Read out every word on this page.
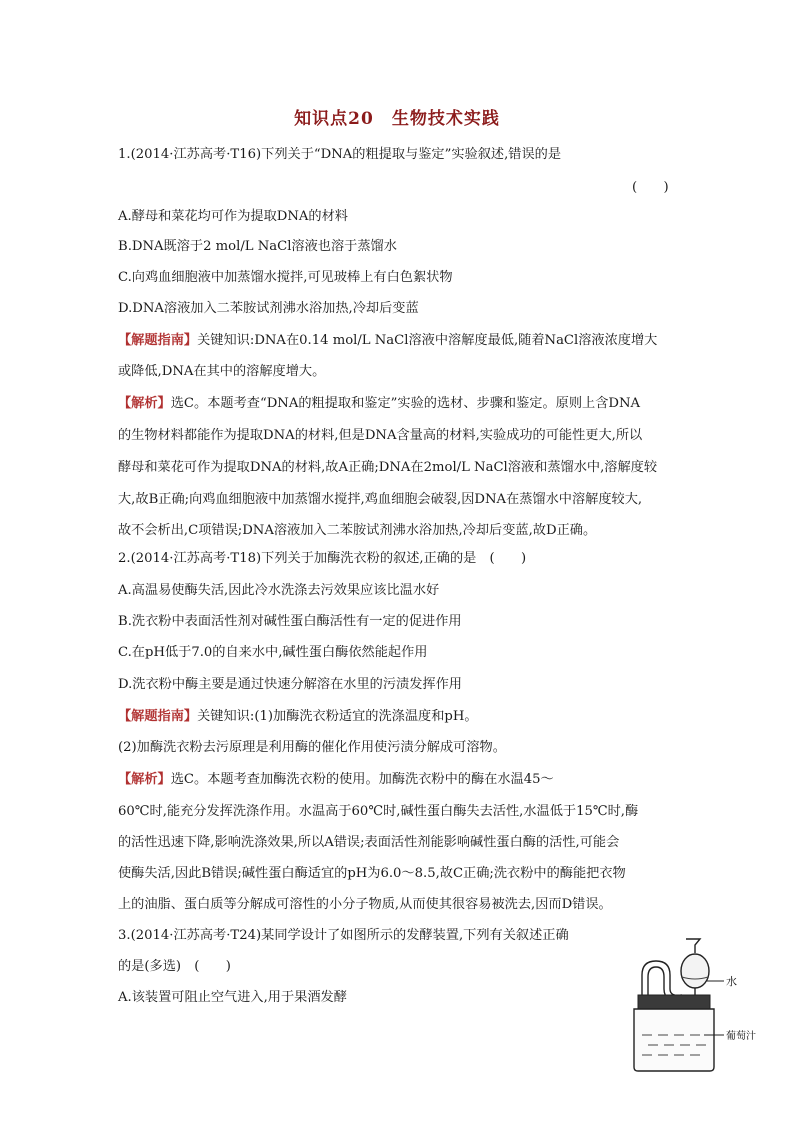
知识点20　生物技术实践
1.(2014·江苏高考·T16)下列关于“DNA的粗提取与鉴定”实验叙述,错误的是
(　　)
A.酵母和菜花均可作为提取DNA的材料
B.DNA既溶于2 mol/L NaCl溶液也溶于蒸馏水
C.向鸡血细胞液中加蒸馏水搅拌,可见玻棒上有白色絮状物
D.DNA溶液加入二苯胺试剂沸水浴加热,冷却后变蓝
【解题指南】关键知识:DNA在0.14 mol/L NaCl溶液中溶解度最低,随着NaCl溶液浓度增大
或降低,DNA在其中的溶解度增大。
【解析】选C。本题考查“DNA的粗提取和鉴定”实验的选材、步骤和鉴定。原则上含DNA
的生物材料都能作为提取DNA的材料,但是DNA含量高的材料,实验成功的可能性更大,所以
酵母和菜花可作为提取DNA的材料,故A正确;DNA在2mol/L NaCl溶液和蒸馏水中,溶解度较
大,故B正确;向鸡血细胞液中加蒸馏水搅拌,鸡血细胞会破裂,因DNA在蒸馏水中溶解度较大,
故不会析出,C项错误;DNA溶液加入二苯胺试剂沸水浴加热,冷却后变蓝,故D正确。
2.(2014·江苏高考·T18)下列关于加酶洗衣粉的叙述,正确的是　(　　)
A.高温易使酶失活,因此冷水洗涤去污效果应该比温水好
B.洗衣粉中表面活性剂对碱性蛋白酶活性有一定的促进作用
C.在pH低于7.0的自来水中,碱性蛋白酶依然能起作用
D.洗衣粉中酶主要是通过快速分解溶在水里的污渍发挥作用
【解题指南】关键知识:(1)加酶洗衣粉适宜的洗涤温度和pH。
(2)加酶洗衣粉去污原理是利用酶的催化作用使污渍分解成可溶物。
【解析】选C。本题考查加酶洗衣粉的使用。加酶洗衣粉中的酶在水温45～
60℃时,能充分发挥洗涤作用。水温高于60℃时,碱性蛋白酶失去活性,水温低于15℃时,酶
的活性迅速下降,影响洗涤效果,所以A错误;表面活性剂能影响碱性蛋白酶的活性,可能会
使酶失活,因此B错误;碱性蛋白酶适宜的pH为6.0～8.5,故C正确;洗衣粉中的酶能把衣物
上的油脂、蛋白质等分解成可溶性的小分子物质,从而使其很容易被洗去,因而D错误。
3.(2014·江苏高考·T24)某同学设计了如图所示的发酵装置,下列有关叙述正确
的是(多选)　(　　)
A.该装置可阻止空气进入,用于果酒发酵
水
葡萄汁
